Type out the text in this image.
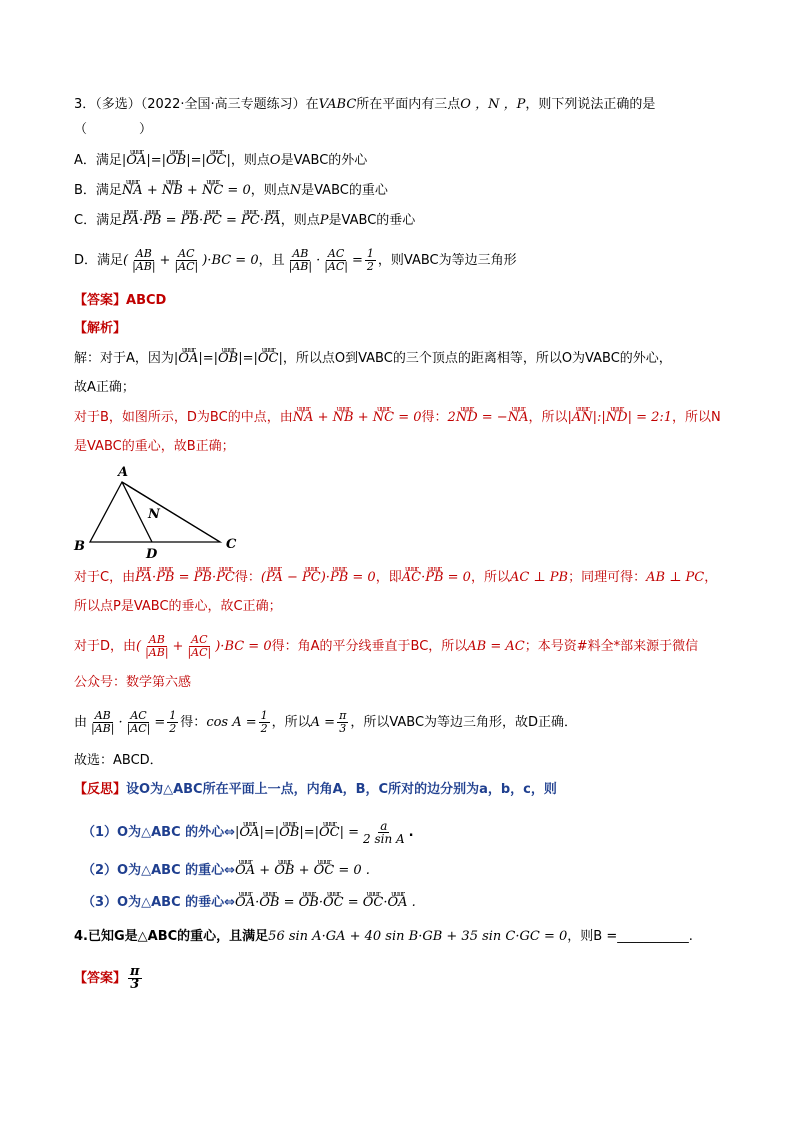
3．（多选）（2022·全国·高三专题练习）在VABC所在平面内有三点O ，N ，P，则下列说法正确的是
（　　　　）
A．满足|uuur OA|=|uuur OB|=|uuur OC|，则点O是VABC的外心
B．满足uuur NA + uuur NB + uuur NC = 0，则点N是VABC的重心
C．满足uuur PA·uuur PB = uuur PB·uuur PC = uuur PC·uuur PA，则点P是VABC的垂心
D．满足( $\frac{AB}{|AB|} + \frac{AC}{|AC|} )\cdot BC = 0$，且 $\frac{AB}{|AB|} \cdot \frac{AC}{|AC|} = \frac{1}{2}$ ，则VABC为等边三角形
【答案】ABCD
【解析】
解：对于A，因为|uuur OA|=|uuur OB|=|uuur OC|，所以点O到VABC的三个顶点的距离相等，所以O为VABC的外心，
故A正确；
对于B，如图所示，D为BC的中点，由uuur NA + uuur NB + uuur NC = 0得：2uuur ND = −uuur NA，所以|uuur AN|:|uuur ND| = 2:1，所以N
是VABC的重心，故B正确；
A
B	C
D
N
对于C，由uuur PA·uuur PB = uuur PB·uuur PC得：(uuur PA − uuur PC)·uuur PB = 0，即uuur AC·uuur PB = 0，所以AC ⊥ PB；同理可得：AB ⊥ PC，
所以点P是VABC的垂心，故C正确；
对于D，由( $\frac{AB}{|AB|} + \frac{AC}{|AC|} )\cdot BC = 0$得：角A的平分线垂直于BC，所以AB = AC；本号资#料全*部来源于微信
公众号：数学第六感
由 $\frac{AB}{|AB|} \cdot \frac{AC}{|AC|} = \frac{1}{2}$ 得：$\cos A = \frac{1}{2}$ ，所以$A = \frac{\pi}{3}$ ，所以VABC为等边三角形，故D正确．
故选：ABCD．
【反思】设O为△ABC所在平面上一点，内角A，B，C所对的边分别为a，b，c，则
（1）O为△ABC 的外心⇔|uuur OA|=|uuur OB|=|uuur $OC| = \frac{a}{\text{2 sin A}}$ .
（2）O为△ABC 的重心⇔uuur OA + uuur OB + uuur OC = 0 .
（3）O为△ABC 的垂心⇔uuur OA·uuur OB = uuur OB·uuur OC = uuur OC·uuur OA .
4.已知G是△ABC的重心，且满足56 sin A·GA + 40 sin B·GB + 35 sin C·GC = 0，则B =___________.
【答案】 $\frac{\pi}{3}$
